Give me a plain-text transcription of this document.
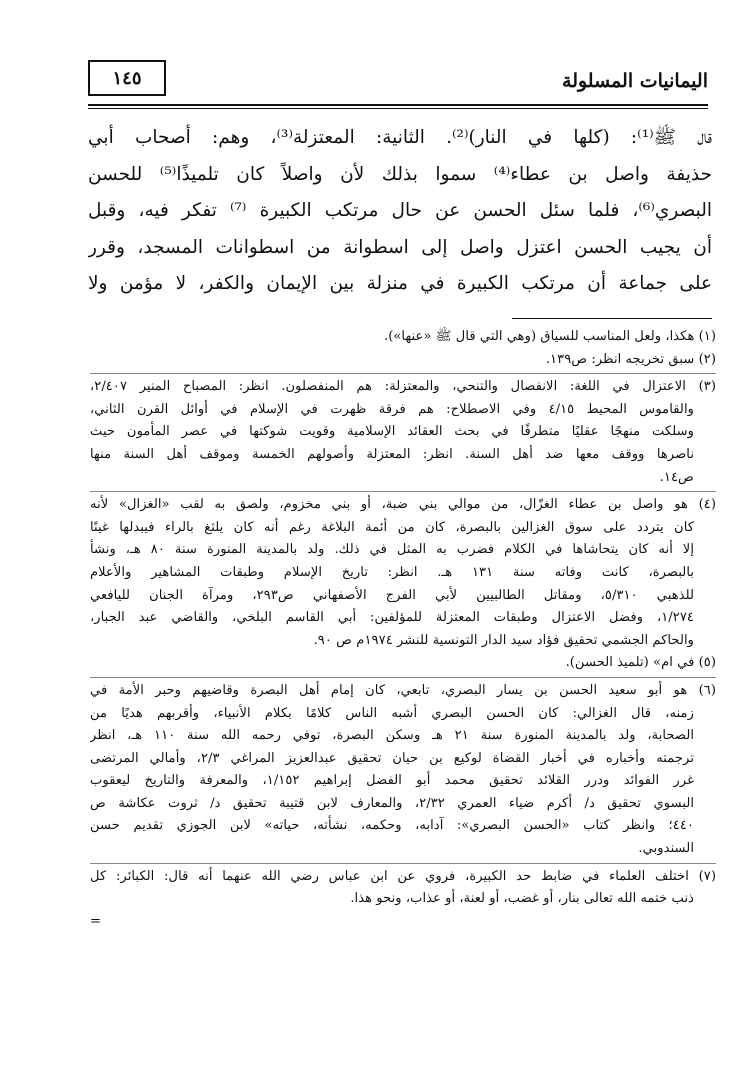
اليمانيات المسلولة
١٤٥
قال ﷺ⁽¹⁾: (كلها في النار)⁽²⁾. الثانية: المعتزلة⁽³⁾، وهم: أصحاب أبي
حذيفة واصل بن عطاء⁽⁴⁾ سموا بذلك لأن واصلاً كان تلميذًا⁽⁵⁾ للحسن
البصري⁽⁶⁾، فلما سئل الحسن عن حال مرتكب الكبيرة ⁽⁷⁾ تفكر فيه، وقبل
أن يجيب الحسن اعتزل واصل إلى اسطوانة من اسطوانات المسجد، وقرر
على جماعة أن مرتكب الكبيرة في منزلة بين الإيمان والكفر، لا مؤمن ولا
(١) هكذا، ولعل المناسب للسياق (وهي التي قال ﷺ «عنها»).
(٢) سبق تخريجه انظر: ص١٣٩.
(٣) الاعتزال في اللغة: الانفصال والتنحي، والمعتزلة: هم المنفصلون. انظر: المصباح المنير ٢/٤٠٧،
والقاموس المحيط ٤/١٥ وفي الاصطلاح: هم فرقة ظهرت في الإسلام في أوائل القرن الثاني،
وسلكت منهجًا عقليًا متطرفًا في بحث العقائد الإسلامية وقويت شوكتها في عصر المأمون حيث
ناصرها ووقف معها ضد أهل السنة. انظر: المعتزلة وأصولهم الخمسة وموقف أهل السنة منها
ص١٤.
(٤) هو واصل بن عطاء الغزّال، من موالي بني ضبة، أو بني مخزوم، ولصق به لقب «الغزال» لأنه
كان يتردد على سوق الغزالين بالبصرة، كان من أئمة البلاغة رغم أنه كان يلثغ بالراء فيبدلها غينًا
إلا أنه كان يتحاشاها في الكلام فضرب به المثل في ذلك. ولد بالمدينة المنورة سنة ٨٠ هـ، ونشأ
بالبصرة، كانت وفاته سنة ١٣١ هـ. انظر: تاريخ الإسلام وطبقات المشاهير والأعلام
للذهبي ٥/٣١٠، ومقاتل الطالبيين لأبي الفرج الأصفهاني ص٢٩٣، ومرآة الجنان لليافعي
١/٢٧٤، وفضل الاعتزال وطبقات المعتزلة للمؤلفين: أبي القاسم البلخي، والقاضي عبد الجبار،
والحاكم الجشمي تحقيق فؤاد سيد الدار التونسية للنشر ١٩٧٤م ص ٩٠.
(٥) في ام» (تلميذ الحسن).
(٦) هو أبو سعيد الحسن بن يسار البصري، تابعي، كان إمام أهل البصرة وقاضيهم وحبر الأمة في
زمنه، قال الغزالي: كان الحسن البصري أشبه الناس كلامًا بكلام الأنبياء، وأقربهم هديًا من
الصحابة، ولد بالمدينة المنورة سنة ٢١ هـ وسكن البصرة، توفي رحمه الله سنة ١١٠ هـ، انظر
ترجمته وأخباره في أخبار القضاة لوكيع بن حيان تحقيق عبدالعزيز المراغي ٢/٣، وأمالي المرتضى
غرر الفوائد ودرر القلائد تحقيق محمد أبو الفضل إبراهيم ١/١٥٢، والمعرفة والتاريخ ليعقوب
البسوي تحقيق د/ أكرم ضياء العمري ٢/٣٢، والمعارف لابن قتيبة تحقيق د/ ثروت عكاشة ص
٤٤٠؛ وانظر كتاب «الحسن البصري»: آدابه، وحكمه، نشأته، حياته» لابن الجوزي تقديم حسن
السندوبي.
(٧) اختلف العلماء في ضابط حد الكبيرة، فروي عن ابن عباس رضي الله عنهما أنه قال: الكبائر: كل
ذنب ختمه الله تعالى بنار، أو غضب، أو لعنة، أو عذاب، ونحو هذا.
=
